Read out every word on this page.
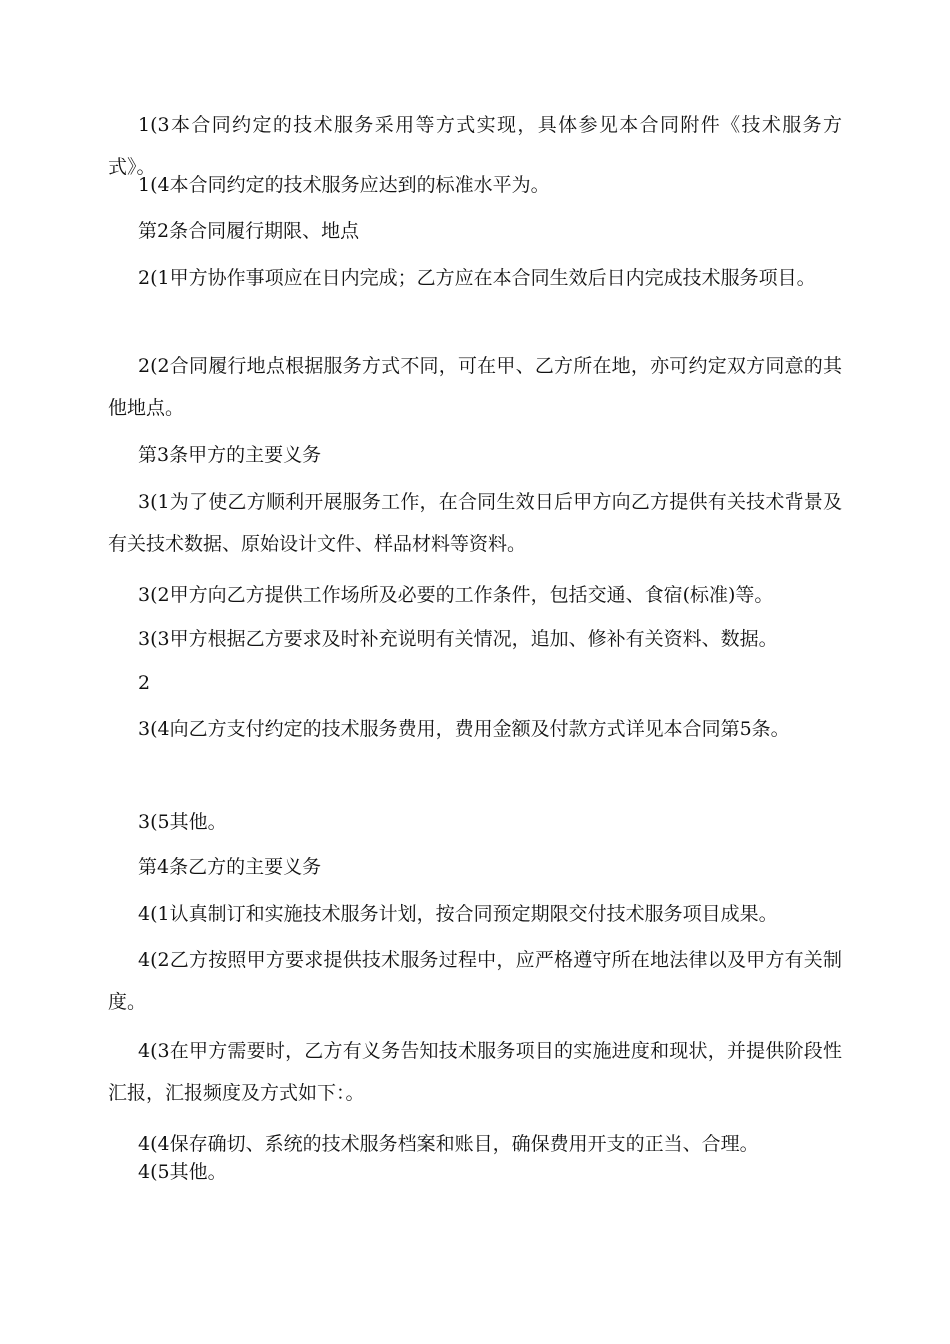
1(3本合同约定的技术服务采用等方式实现，具体参见本合同附件《技术服务方式》。

1(4本合同约定的技术服务应达到的标准水平为。

第2条合同履行期限、地点

2(1甲方协作事项应在日内完成；乙方应在本合同生效后日内完成技术服务项目。

2(2合同履行地点根据服务方式不同，可在甲、乙方所在地，亦可约定双方同意的其他地点。

第3条甲方的主要义务

3(1为了使乙方顺利开展服务工作，在合同生效日后甲方向乙方提供有关技术背景及有关技术数据、原始设计文件、样品材料等资料。

3(2甲方向乙方提供工作场所及必要的工作条件，包括交通、食宿(标准)等。

3(3甲方根据乙方要求及时补充说明有关情况，追加、修补有关资料、数据。

2

3(4向乙方支付约定的技术服务费用，费用金额及付款方式详见本合同第5条。

3(5其他。

第4条乙方的主要义务

4(1认真制订和实施技术服务计划，按合同预定期限交付技术服务项目成果。

4(2乙方按照甲方要求提供技术服务过程中，应严格遵守所在地法律以及甲方有关制度。

4(3在甲方需要时，乙方有义务告知技术服务项目的实施进度和现状，并提供阶段性汇报，汇报频度及方式如下：。

4(4保存确切、系统的技术服务档案和账目，确保费用开支的正当、合理。

4(5其他。
